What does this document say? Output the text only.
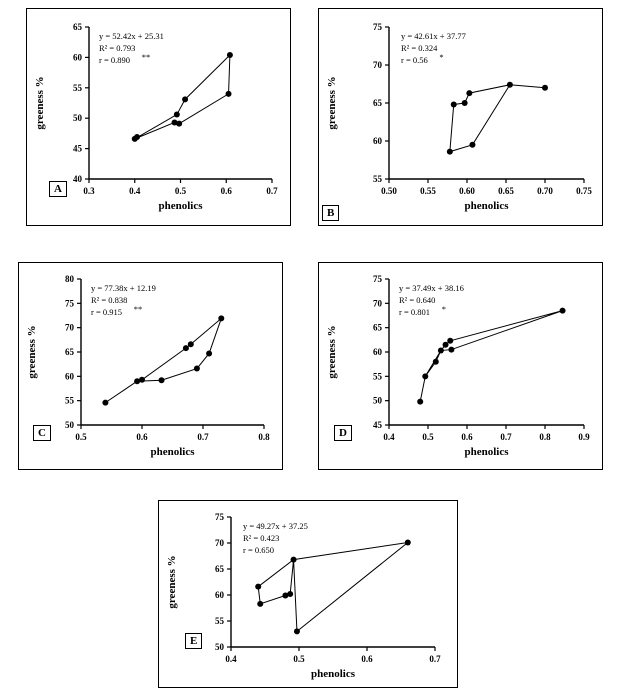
0.3	0.4	0.5	0.6	0.7
40
45
50
55
60
65
phenolics
greeness %
y = 52.42x + 25.31
R² = 0.793
r = 0.890 **
A	0.50	0.55	0.60	0.65	0.70	0.75
55
60
65
70
75
phenolics
greeness %
y = 42.61x + 37.77
R² = 0.324
r = 0.56 *
B
0.5	0.6	0.7	0.8
50
55
60
65
70
75
80
phenolics
greeness %
y = 77.38x + 12.19
R² = 0.838
r = 0.915 **
C	0.4	0.5	0.6	0.7	0.8	0.9
45
50
55
60
65
70
75
phenolics
greeness %
y = 37.49x + 38.16
R² = 0.640
r = 0.801 *
D
0.4	0.5	0.6	0.7
50
55
60
65
70
75
phenolics
greeness %
y = 49.27x + 37.25
R² = 0.423
r = 0.650
E
